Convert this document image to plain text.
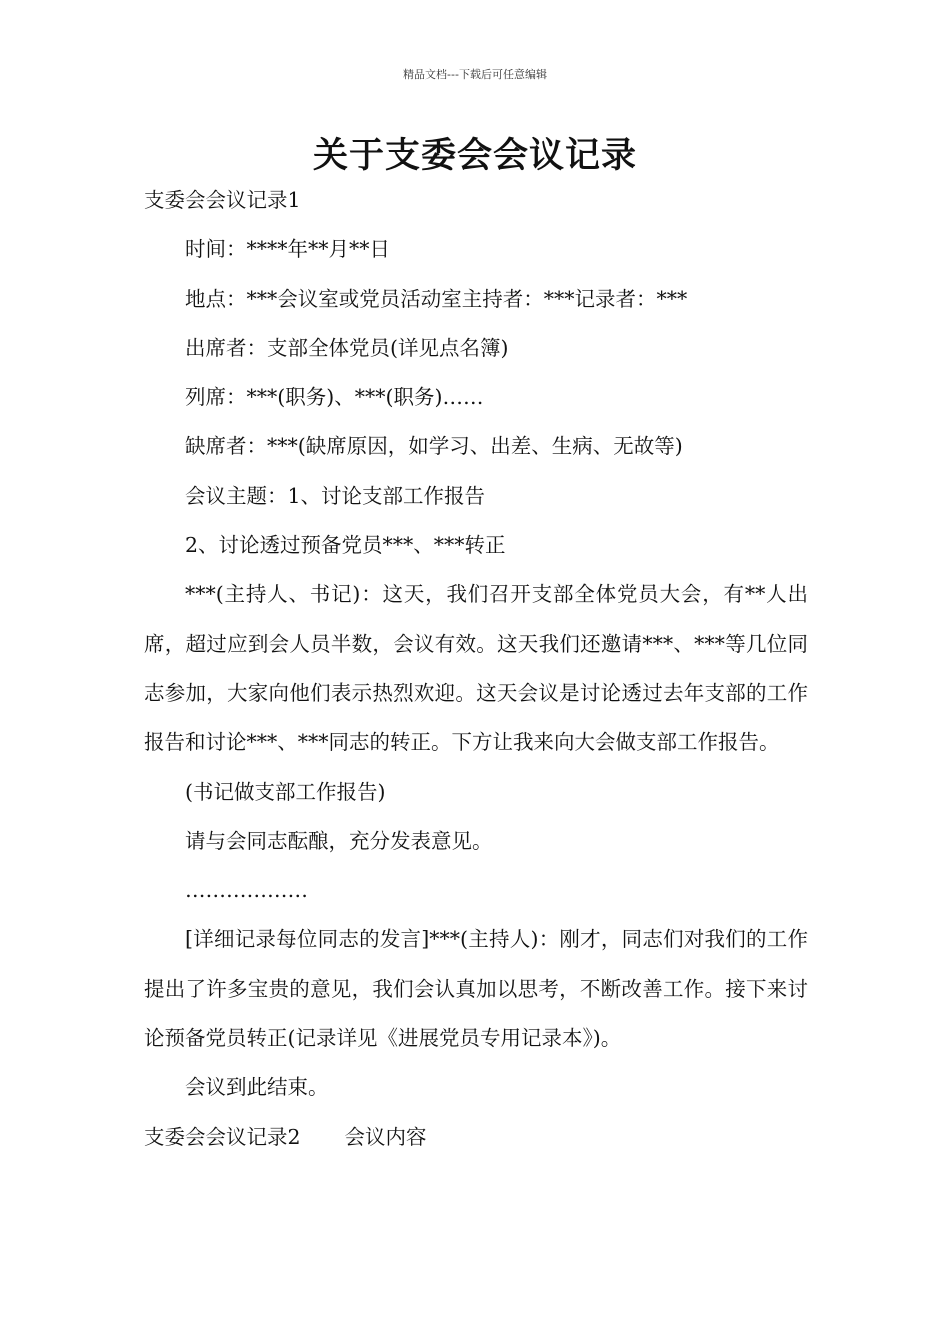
精品文档---下载后可任意编辑
关于支委会会议记录

支委会会议记录1

时间：****年**月**日

地点：***会议室或党员活动室主持者：***记录者：***

出席者：支部全体党员(详见点名簿)

列席：***(职务)、***(职务)……

缺席者：***(缺席原因，如学习、出差、生病、无故等)

会议主题：1、讨论支部工作报告

2、讨论透过预备党员***、***转正

***(主持人、书记)：这天，我们召开支部全体党员大会，有**人出席，超过应到会人员半数，会议有效。这天我们还邀请***、***等几位同志参加，大家向他们表示热烈欢迎。这天会议是讨论透过去年支部的工作报告和讨论***、***同志的转正。下方让我来向大会做支部工作报告。

(书记做支部工作报告)

请与会同志酝酿，充分发表意见。

………………

[详细记录每位同志的发言]***(主持人)：刚才，同志们对我们的工作提出了许多宝贵的意见，我们会认真加以思考，不断改善工作。接下来讨论预备党员转正(记录详见《进展党员专用记录本》)。

会议到此结束。

支委会会议记录2 会议内容
